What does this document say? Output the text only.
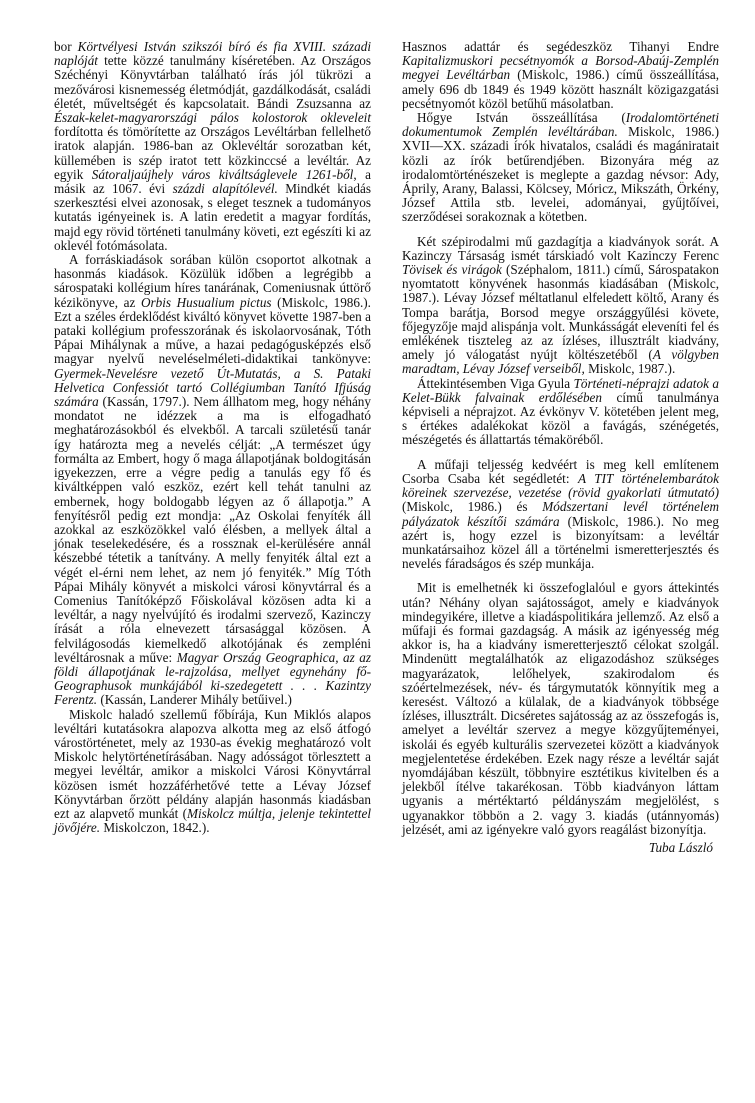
bor Körtvélyesi István szikszói bíró és fia XVIII. századi naplóját tette közzé tanulmány kíséretében. Az Országos Széchényi Könyvtárban található írás jól tükrözi a mezővárosi kisnemesség életmódját, gazdálkodását, családi életét, műveltségét és kapcsolatait. Bándi Zsuzsanna az Észak-kelet-magyarországi pálos kolostorok okleveleit fordította és tömörítette az Országos Levéltárban fellelhető iratok alapján. 1986-ban az Oklevéltár sorozatban két, küllemében is szép iratot tett közkinccsé a levéltár. Az egyik Sátoraljaújhely város kiváltságlevele 1261-ből, a másik az 1067. évi százdi alapítólevél. Mindkét kiadás szerkesztési elvei azonosak, s eleget tesznek a tudományos kutatás igényeinek is. A latin eredetit a magyar fordítás, majd egy rövid történeti tanulmány követi, ezt egészíti ki az oklevél fotómásolata.

A forráskiadások sorában külön csoportot alkotnak a hasonmás kiadások. Közülük időben a legrégibb a sárospataki kollégium híres tanárának, Comeniusnak úttörő kézikönyve, az Orbis Husualium pictus (Miskolc, 1986.). Ezt a széles érdeklődést kiváltó könyvet követte 1987-ben a pataki kollégium professzorának és iskolaorvosának, Tóth Pápai Mihálynak a műve, a hazai pedagógusképzés első magyar nyelvű neveléselméleti-didaktikai tankönyve: Gyermek-Nevelésre vezető Út-Mutatás, a S. Pataki Helvetica Confessiót tartó Collégiumban Tanító Ifjúság számára (Kassán, 1797.). Nem állhatom meg, hogy néhány mondatot ne idézzek a ma is elfogadható meghatározásokból és elvekből. A tarcali születésű tanár így határozta meg a nevelés célját: „A természet úgy formálta az Embert, hogy ő maga állapotjának boldogitásán igyekezzen, erre a végre pedig a tanulás egy fő és kiváltképpen való eszköz, ezért kell tehát tanulni az embernek, hogy boldogabb légyen az ő állapotja.” A fenyítésről pedig ezt mondja: „Az Oskolai fenyíték áll azokkal az eszközökkel való élésben, a mellyek által a jónak teselekedésére, és a rossznak el-kerülésére annál készebbé tétetik a tanítvány. A melly fenyiték által ezt a végét el-érni nem lehet, az nem jó fenyiték.” Míg Tóth Pápai Mihály könyvét a miskolci városi könyvtárral és a Comenius Tanítóképző Főiskolával közösen adta ki a levéltár, a nagy nyelvújító és irodalmi szervező, Kazinczy írását a róla elnevezett társasággal közösen. A felvilágosodás kiemelkedő alkotójának és zempléni levéltárosnak a műve: Magyar Ország Geographica, az az földi állapotjának le-rajzolása, mellyet egynehány fő-Geographusok munkájából ki-szedegetett . . . Kazintzy Ferentz. (Kassán, Landerer Mihály betűivel.)

Miskolc haladó szellemű főbírája, Kun Miklós alapos levéltári kutatásokra alapozva alkotta meg az első átfogó várostörténetet, mely az 1930-as évekig meghatározó volt Miskolc helytörténetírásában. Nagy adósságot törlesztett a megyei levéltár, amikor a miskolci Városi Könyvtárral közösen ismét hozzáférhetővé tette a Lévay József Könyvtárban őrzött példány alapján hasonmás kiadásban ezt az alapvető munkát (Miskolcz múltja, jelenje tekintettel jövőjére. Miskolczon, 1842.).

Hasznos adattár és segédeszköz Tihanyi Endre Kapitalizmuskori pecsétnyomók a Borsod-Abaúj-Zemplén megyei Levéltárban (Miskolc, 1986.) című összeállítása, amely 696 db 1849 és 1949 között használt közigazgatási pecsétnyomót közöl betűhű másolatban.

Hőgye István összeállítása (Irodalomtörténeti dokumentumok Zemplén levéltárában. Miskolc, 1986.) XVII—XX. századi írók hivatalos, családi és magániratait közli az írók betűrendjében. Bizonyára még az irodalomtörténészeket is meglepte a gazdag névsor: Ady, Áprily, Arany, Balassi, Kölcsey, Móricz, Mikszáth, Örkény, József Attila stb. levelei, adományai, gyűjtőívei, szerződései sorakoznak a kötetben.

Két szépirodalmi mű gazdagítja a kiadványok sorát. A Kazinczy Társaság ismét társkiadó volt Kazinczy Ferenc Tövisek és virágok (Széphalom, 1811.) című, Sárospatakon nyomtatott könyvének hasonmás kiadásában (Miskolc, 1987.). Lévay József méltatlanul elfeledett költő, Arany és Tompa barátja, Borsod megye országgyűlési követe, főjegyzője majd alispánja volt. Munkásságát eleveníti fel és emlékének tiszteleg az az ízléses, illusztrált kiadvány, amely jó válogatást nyújt költészetéből (A völgyben maradtam, Lévay József verseiből, Miskolc, 1987.).

Áttekintésemben Viga Gyula Történeti-néprajzi adatok a Kelet-Bükk falvainak erdőlésében című tanulmánya képviseli a néprajzot. Az évkönyv V. kötetében jelent meg, s értékes adalékokat közöl a favágás, szénégetés, mészégetés és állattartás témaköréből.

A műfaji teljesség kedvéért is meg kell említenem Csorba Csaba két segédletét: A TIT történelembarátok köreinek szervezése, vezetése (rövid gyakorlati útmutató) (Miskolc, 1986.) és Módszertani levél történelem pályázatok készítői számára (Miskolc, 1986.). No meg azért is, hogy ezzel is bizonyítsam: a levéltár munkatársaihoz közel áll a történelmi ismeretterjesztés és nevelés fáradságos és szép munkája.

Mit is emelhetnék ki összefoglalóul e gyors áttekintés után? Néhány olyan sajátosságot, amely e kiadványok mindegyikére, illetve a kiadáspolitikára jellemző. Az első a műfaji és formai gazdagság. A másik az igényesség még akkor is, ha a kiadvány ismeretterjesztő célokat szolgál. Mindenütt megtalálhatók az eligazodáshoz szükséges magyarázatok, lelőhelyek, szakirodalom és szóértelmezések, név- és tárgymutatók könnyítik meg a keresést. Változó a külalak, de a kiadványok többsége ízléses, illusztrált. Dicséretes sajátosság az az összefogás is, amelyet a levéltár szervez a megye közgyűjteményei, iskolái és egyéb kulturális szervezetei között a kiadványok megjelentetése érdekében. Ezek nagy része a levéltár saját nyomdájában készült, többnyire esztétikus kivitelben és a jelekből ítélve takarékosan. Több kiadványon láttam ugyanis a mértéktartó példányszám megjelölést, s ugyanakkor többön a 2. vagy 3. kiadás (utánnyomás) jelzését, ami az igényekre való gyors reagálást bizonyítja.

Tuba László
